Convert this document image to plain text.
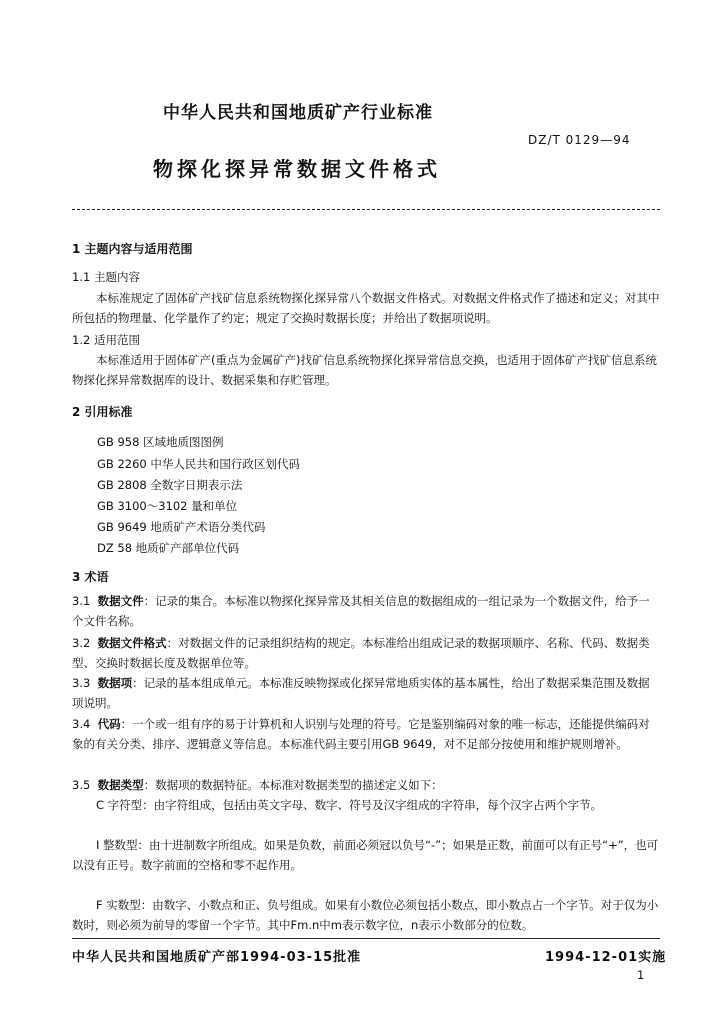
中华人民共和国地质矿产行业标准
DZ/T 0129—94
物探化探异常数据文件格式
1 主题内容与适用范围
1.1 主题内容
本标准规定了固体矿产找矿信息系统物探化探异常八个数据文件格式。对数据文件格式作了描述和定义；对其中所包括的物理量、化学量作了约定；规定了交换时数据长度；并给出了数据项说明。
1.2 适用范围
本标准适用于固体矿产(重点为金属矿产)找矿信息系统物探化探异常信息交换，也适用于固体矿产找矿信息系统物探化探异常数据库的设计、数据采集和存贮管理。
2 引用标准
GB 958 区域地质图图例
GB 2260 中华人民共和国行政区划代码
GB 2808 全数字日期表示法
GB 3100～3102 量和单位
GB 9649 地质矿产术语分类代码
DZ 58 地质矿产部单位代码
3 术语
3.1 数据文件：记录的集合。本标准以物探化探异常及其相关信息的数据组成的一组记录为一个数据文件，给予一个文件名称。
3.2 数据文件格式：对数据文件的记录组织结构的规定。本标准给出组成记录的数据项顺序、名称、代码、数据类型、交换时数据长度及数据单位等。
3.3 数据项：记录的基本组成单元。本标准反映物探或化探异常地质实体的基本属性，给出了数据采集范围及数据项说明。
3.4 代码：一个或一组有序的易于计算机和人识别与处理的符号。它是鉴别编码对象的唯一标志，还能提供编码对象的有关分类、排序、逻辑意义等信息。本标准代码主要引用GB 9649，对不足部分按使用和维护规则增补。
3.5 数据类型：数据项的数据特征。本标准对数据类型的描述定义如下：
C 字符型：由字符组成，包括由英文字母、数字、符号及汉字组成的字符串，每个汉字占两个字节。
I 整数型：由十进制数字所组成。如果是负数，前面必须冠以负号“-”；如果是正数，前面可以有正号“+”，也可以没有正号。数字前面的空格和零不起作用。
F 实数型：由数字、小数点和正、负号组成。如果有小数位必须包括小数点，即小数点占一个字节。对于仅为小数时，则必须为前导的零留一个字节。其中Fm.n中m表示数字位，n表示小数部分的位数。
中华人民共和国地质矿产部1994-03-15批准	1994-12-01实施
1
